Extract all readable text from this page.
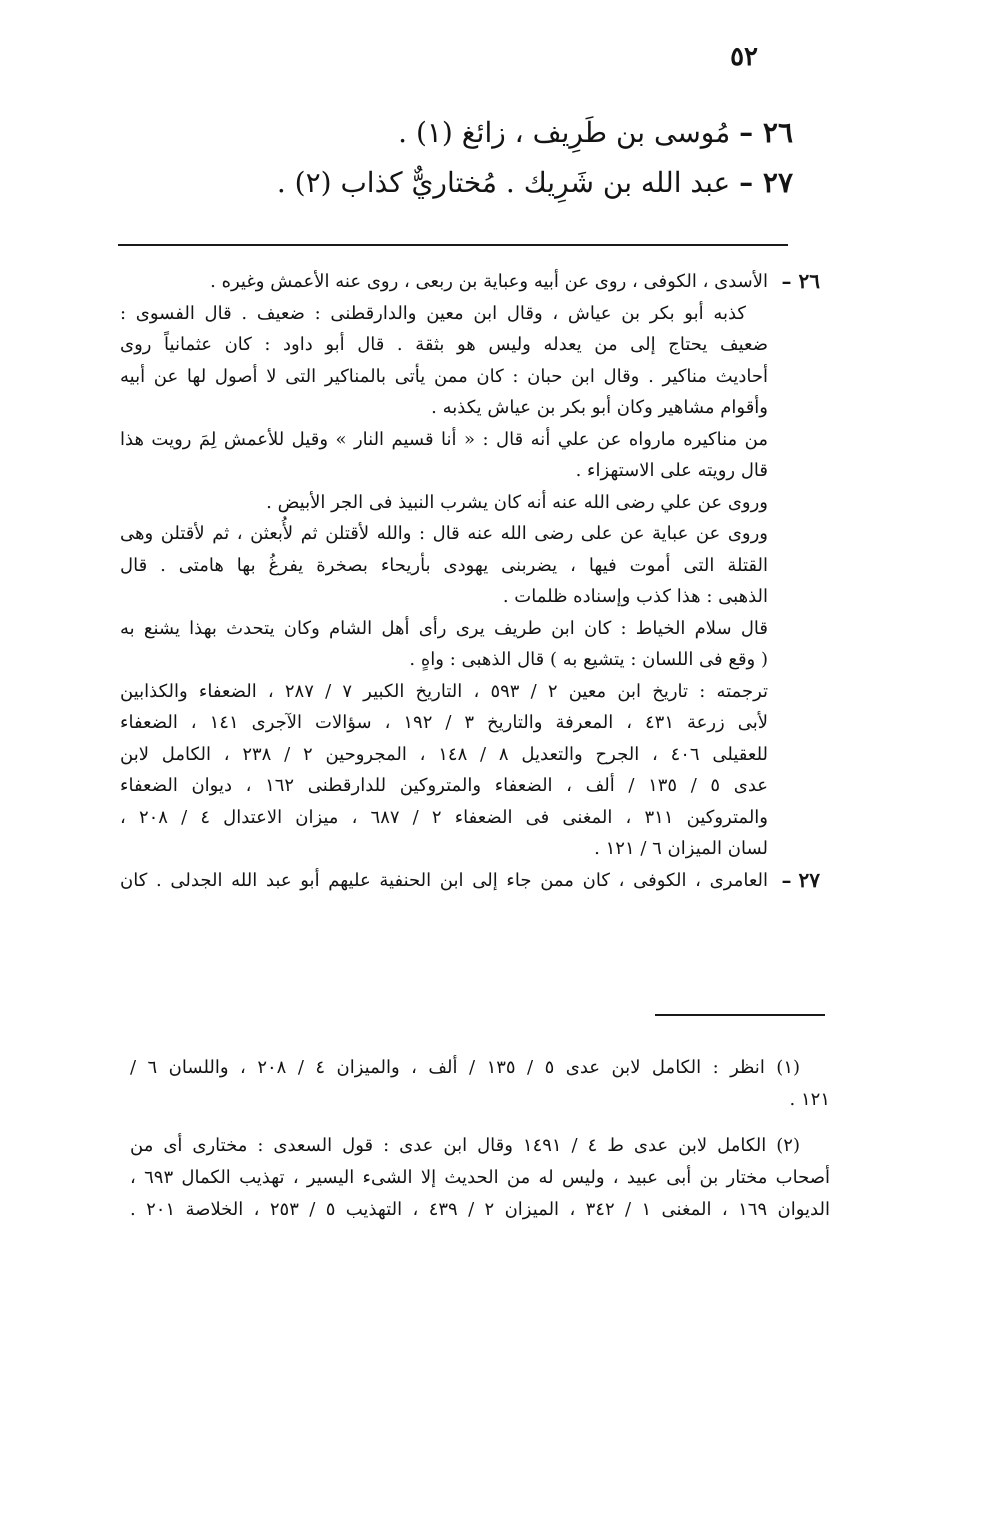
٥٢
٢٦ – مُوسى بن طَرِيف ، زائغ (١) .
٢٧ – عبد الله بن شَرِيك . مُختاريٌّ كذاب (٢) .
٢٦ –
الأسدى ، الكوفى ، روى عن أبيه وعباية بن ربعى ، روى عنه الأعمش وغيره .
كذبه أبو بكر بن عياش ، وقال ابن معين والدارقطنى : ضعيف . قال الفسوى :
ضعيف يحتاج إلى من يعدله وليس هو بثقة . قال أبو داود : كان عثمانياً روى
أحاديث مناكير . وقال ابن حبان : كان ممن يأتى بالمناكير التى لا أصول لها عن أبيه
وأقوام مشاهير وكان أبو بكر بن عياش يكذبه .
من مناكيره مارواه عن علي أنه قال : « أنا قسيم النار » وقيل للأعمش لِمَ رويت هذا
قال رويته على الاستهزاء .
وروى عن علي رضى الله عنه أنه كان يشرب النبيذ فى الجر الأبيض .
وروى عن عباية عن على رضى الله عنه قال : والله لأقتلن ثم لأُبعثن ، ثم لأقتلن وهى
القتلة التى أموت فيها ، يضربنى يهودى بأريحاء بصخرة يفرغُ بها هامتى . قال
الذهبى : هذا كذب وإسناده ظلمات .
قال سلام الخياط : كان ابن طريف يرى رأى أهل الشام وكان يتحدث بهذا يشنع به
( وقع فى اللسان : يتشيع به ) قال الذهبى : واهٍ .
ترجمته : تاريخ ابن معين ٢ / ٥٩٣ ، التاريخ الكبير ٧ / ٢٨٧ ، الضعفاء والكذابين
لأبى زرعة ٤٣١ ، المعرفة والتاريخ ٣ / ١٩٢ ، سؤالات الآجرى ١٤١ ، الضعفاء
للعقيلى ٤٠٦ ، الجرح والتعديل ٨ / ١٤٨ ، المجروحين ٢ / ٢٣٨ ، الكامل لابن
عدى ٥ / ١٣٥ / ألف ، الضعفاء والمتروكين للدارقطنى ١٦٢ ، ديوان الضعفاء
والمتروكين ٣١١ ، المغنى فى الضعفاء ٢ / ٦٨٧ ، ميزان الاعتدال ٤ / ٢٠٨ ،
لسان الميزان ٦ / ١٢١ .
٢٧ –
العامرى ، الكوفى ، كان ممن جاء إلى ابن الحنفية عليهم أبو عبد الله الجدلى . كان
(١) انظر : الكامل لابن عدى ٥ / ١٣٥ / ألف ، والميزان ٤ / ٢٠٨ ، واللسان ٦ /
١٢١ .
(٢) الكامل لابن عدى ط ٤ / ١٤٩١ وقال ابن عدى : قول السعدى : مختارى أى من
أصحاب مختار بن أبى عبيد ، وليس له من الحديث إلا الشىء اليسير ، تهذيب الكمال ٦٩٣ ،
الديوان ١٦٩ ، المغنى ١ / ٣٤٢ ، الميزان ٢ / ٤٣٩ ، التهذيب ٥ / ٢٥٣ ، الخلاصة ٢٠١ .
